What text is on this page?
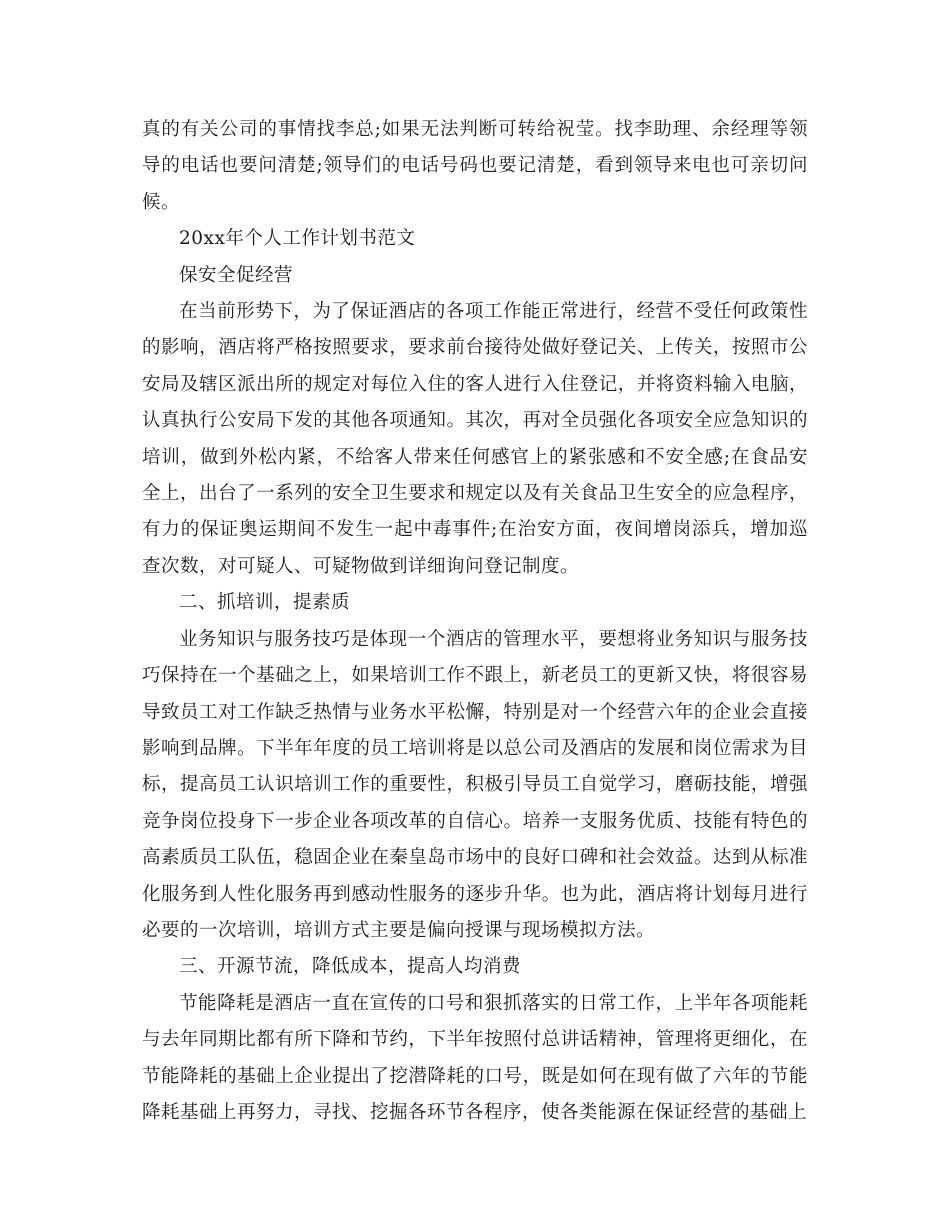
真的有关公司的事情找李总;如果无法判断可转给祝莹。找李助理、余经理等领导的电话也要问清楚;领导们的电话号码也要记清楚，看到领导来电也可亲切问候。

20xx年个人工作计划书范文

保安全促经营

在当前形势下，为了保证酒店的各项工作能正常进行，经营不受任何政策性的影响，酒店将严格按照要求，要求前台接待处做好登记关、上传关，按照市公安局及辖区派出所的规定对每位入住的客人进行入住登记，并将资料输入电脑，认真执行公安局下发的其他各项通知。其次，再对全员强化各项安全应急知识的培训，做到外松内紧，不给客人带来任何感官上的紧张感和不安全感;在食品安全上，出台了一系列的安全卫生要求和规定以及有关食品卫生安全的应急程序，有力的保证奥运期间不发生一起中毒事件;在治安方面，夜间增岗添兵，增加巡查次数，对可疑人、可疑物做到详细询问登记制度。

二、抓培训，提素质

业务知识与服务技巧是体现一个酒店的管理水平，要想将业务知识与服务技巧保持在一个基础之上，如果培训工作不跟上，新老员工的更新又快，将很容易导致员工对工作缺乏热情与业务水平松懈，特别是对一个经营六年的企业会直接影响到品牌。下半年年度的员工培训将是以总公司及酒店的发展和岗位需求为目标，提高员工认识培训工作的重要性，积极引导员工自觉学习，磨砺技能，增强竞争岗位投身下一步企业各项改革的自信心。培养一支服务优质、技能有特色的高素质员工队伍，稳固企业在秦皇岛市场中的良好口碑和社会效益。达到从标准化服务到人性化服务再到感动性服务的逐步升华。也为此，酒店将计划每月进行必要的一次培训，培训方式主要是偏向授课与现场模拟方法。

三、开源节流，降低成本，提高人均消费

节能降耗是酒店一直在宣传的口号和狠抓落实的日常工作，上半年各项能耗与去年同期比都有所下降和节约，下半年按照付总讲话精神，管理将更细化，在节能降耗的基础上企业提出了挖潜降耗的口号，既是如何在现有做了六年的节能降耗基础上再努力，寻找、挖掘各环节各程序，使各类能源在保证经营的基础上
